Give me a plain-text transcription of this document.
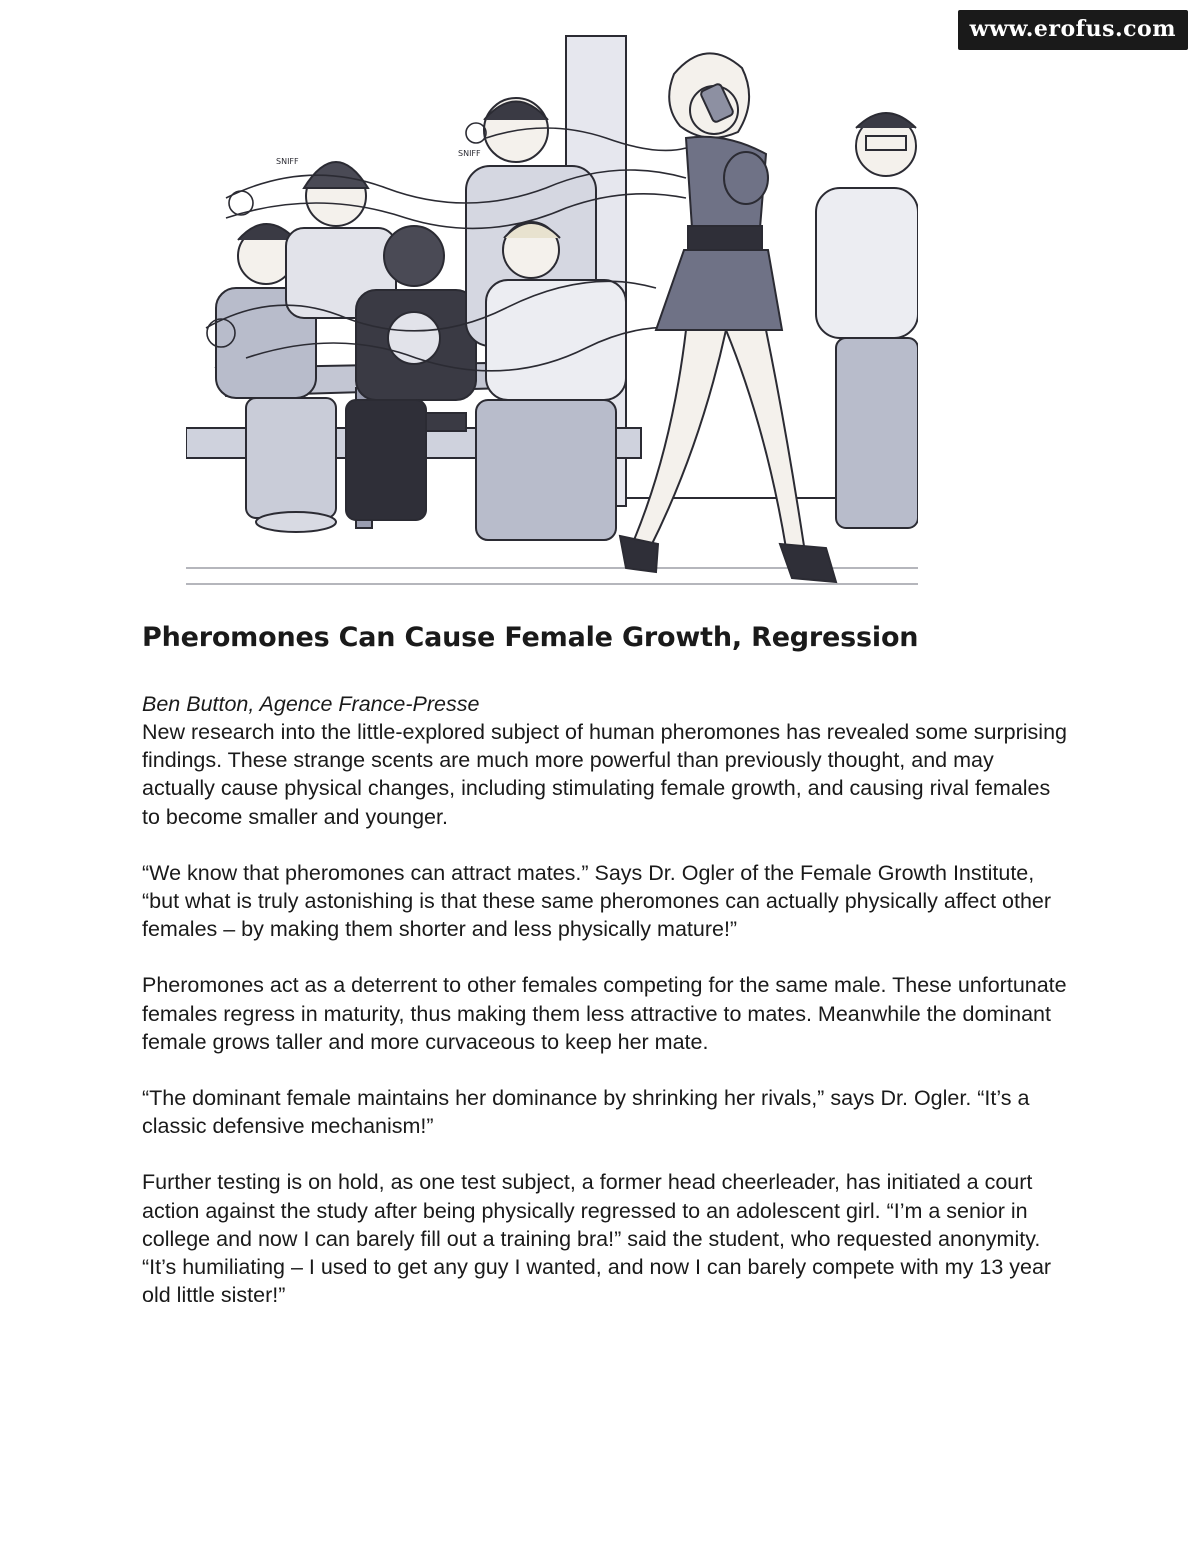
www.erofus.com
SNIFF
SNIFF
Pheromones Can Cause Female Growth, Regression

Ben Button, Agence France-Presse

New research into the little-explored subject of human pheromones has revealed some surprising findings. These strange scents are much more powerful than previously thought, and may actually cause physical changes, including stimulating female growth, and causing rival females to become smaller and younger.

“We know that pheromones can attract mates.” Says Dr. Ogler of the Female Growth Institute, “but what is truly astonishing is that these same pheromones can actually physically affect other females – by making them shorter and less physically mature!”

Pheromones act as a deterrent to other females competing for the same male. These unfortunate females regress in maturity, thus making them less attractive to mates. Meanwhile the dominant female grows taller and more curvaceous to keep her mate.

“The dominant female maintains her dominance by shrinking her rivals,” says Dr. Ogler. “It’s a classic defensive mechanism!”

Further testing is on hold, as one test subject, a former head cheerleader, has initiated a court action against the study after being physically regressed to an adolescent girl. “I’m a senior in college and now I can barely fill out a training bra!” said the student, who requested anonymity. “It’s humiliating – I used to get any guy I wanted, and now I can barely compete with my 13 year old little sister!”
